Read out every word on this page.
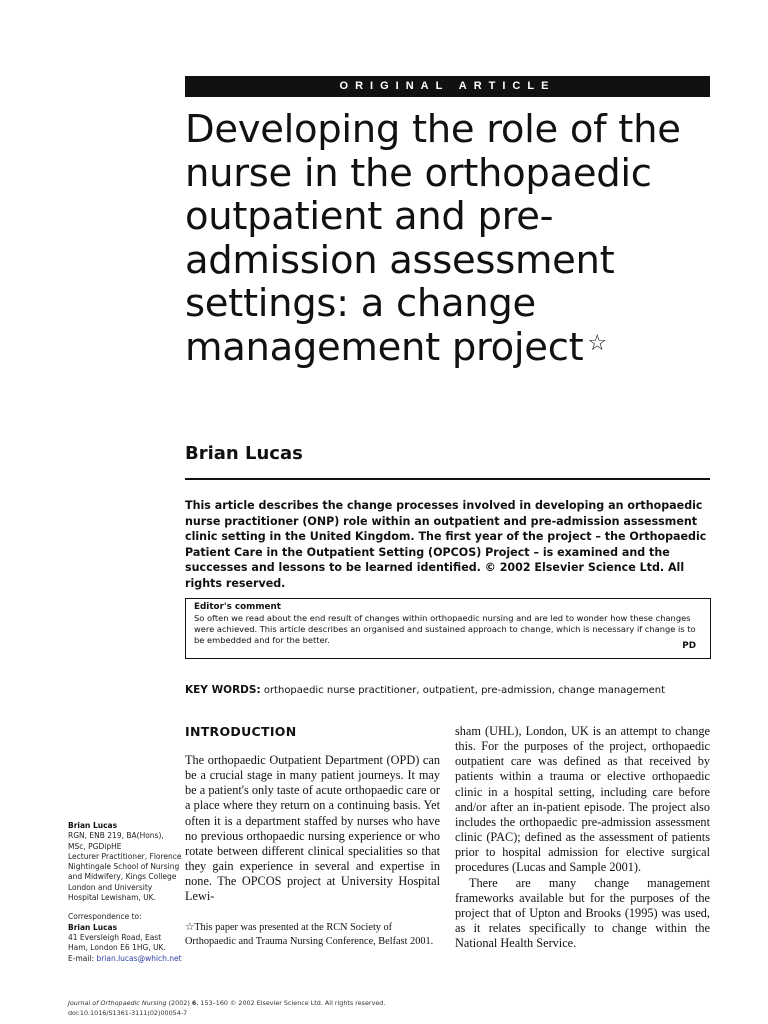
ORIGINAL ARTICLE
Developing the role of the nurse in the orthopaedic outpatient and pre-admission assessment settings: a change management project ☆
Brian Lucas
This article describes the change processes involved in developing an orthopaedic nurse practitioner (ONP) role within an outpatient and pre-admission assessment clinic setting in the United Kingdom. The first year of the project – the Orthopaedic Patient Care in the Outpatient Setting (OPCOS) Project – is examined and the successes and lessons to be learned identified. © 2002 Elsevier Science Ltd. All rights reserved.
Editor's comment
So often we read about the end result of changes within orthopaedic nursing and are led to wonder how these changes were achieved. This article describes an organised and sustained approach to change, which is necessary if change is to be embedded and for the better.
PD
KEY WORDS: orthopaedic nurse practitioner, outpatient, pre-admission, change management
INTRODUCTION

The orthopaedic Outpatient Department (OPD) can be a crucial stage in many patient journeys. It may be a patient's only taste of acute orthopaedic care or a place where they return on a continuing basis. Yet often it is a department staffed by nurses who have no previous orthopaedic nursing experience or who rotate between different clinical specialities so that they gain experience in several and expertise in none. The OPCOS project at University Hospital Lewi-

☆This paper was presented at the RCN Society of Orthopaedic and Trauma Nursing Conference, Belfast 2001.

sham (UHL), London, UK is an attempt to change this. For the purposes of the project, orthopaedic outpatient care was defined as that received by patients within a trauma or elective orthopaedic clinic in a hospital setting, including care before and/or after an in-patient episode. The project also includes the orthopaedic pre-admission assessment clinic (PAC); defined as the assessment of patients prior to hospital admission for elective surgical procedures (Lucas and Sample 2001).

There are many change management frameworks available but for the purposes of the project that of Upton and Brooks (1995) was used, as it relates specifically to change within the National Health Service.

Brian Lucas
RGN, ENB 219, BA(Hons), MSc, PGDipHE
Lecturer Practitioner, Florence Nightingale School of Nursing and Midwifery, Kings College London and University Hospital Lewisham, UK.
Correspondence to:
Brian Lucas
41 Eversleigh Road, East Ham, London E6 1HG, UK.
E-mail: brian.lucas@which.net
Journal of Orthopaedic Nursing (2002) 6, 153–160 © 2002 Elsevier Science Ltd. All rights reserved.
doi:10.1016/S1361-3111(02)00054-7
